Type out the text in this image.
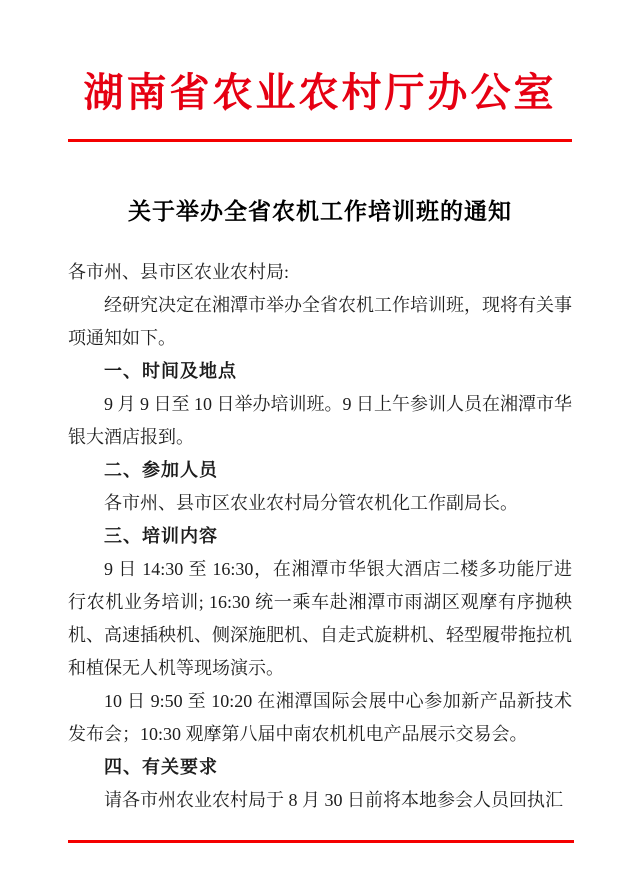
湖南省农业农村厅办公室
关于举办全省农机工作培训班的通知
各市州、县市区农业农村局:
经研究决定在湘潭市举办全省农机工作培训班，现将有关事项通知如下。
一、时间及地点
9 月 9 日至 10 日举办培训班。9 日上午参训人员在湘潭市华银大酒店报到。
二、参加人员
各市州、县市区农业农村局分管农机化工作副局长。
三、培训内容
9 日 14:30 至 16:30，在湘潭市华银大酒店二楼多功能厅进行农机业务培训; 16:30 统一乘车赴湘潭市雨湖区观摩有序抛秧机、高速插秧机、侧深施肥机、自走式旋耕机、轻型履带拖拉机和植保无人机等现场演示。
10 日 9:50 至 10:20 在湘潭国际会展中心参加新产品新技术发布会；10:30 观摩第八届中南农机机电产品展示交易会。
四、有关要求
请各市州农业农村局于 8 月 30 日前将本地参会人员回执汇
